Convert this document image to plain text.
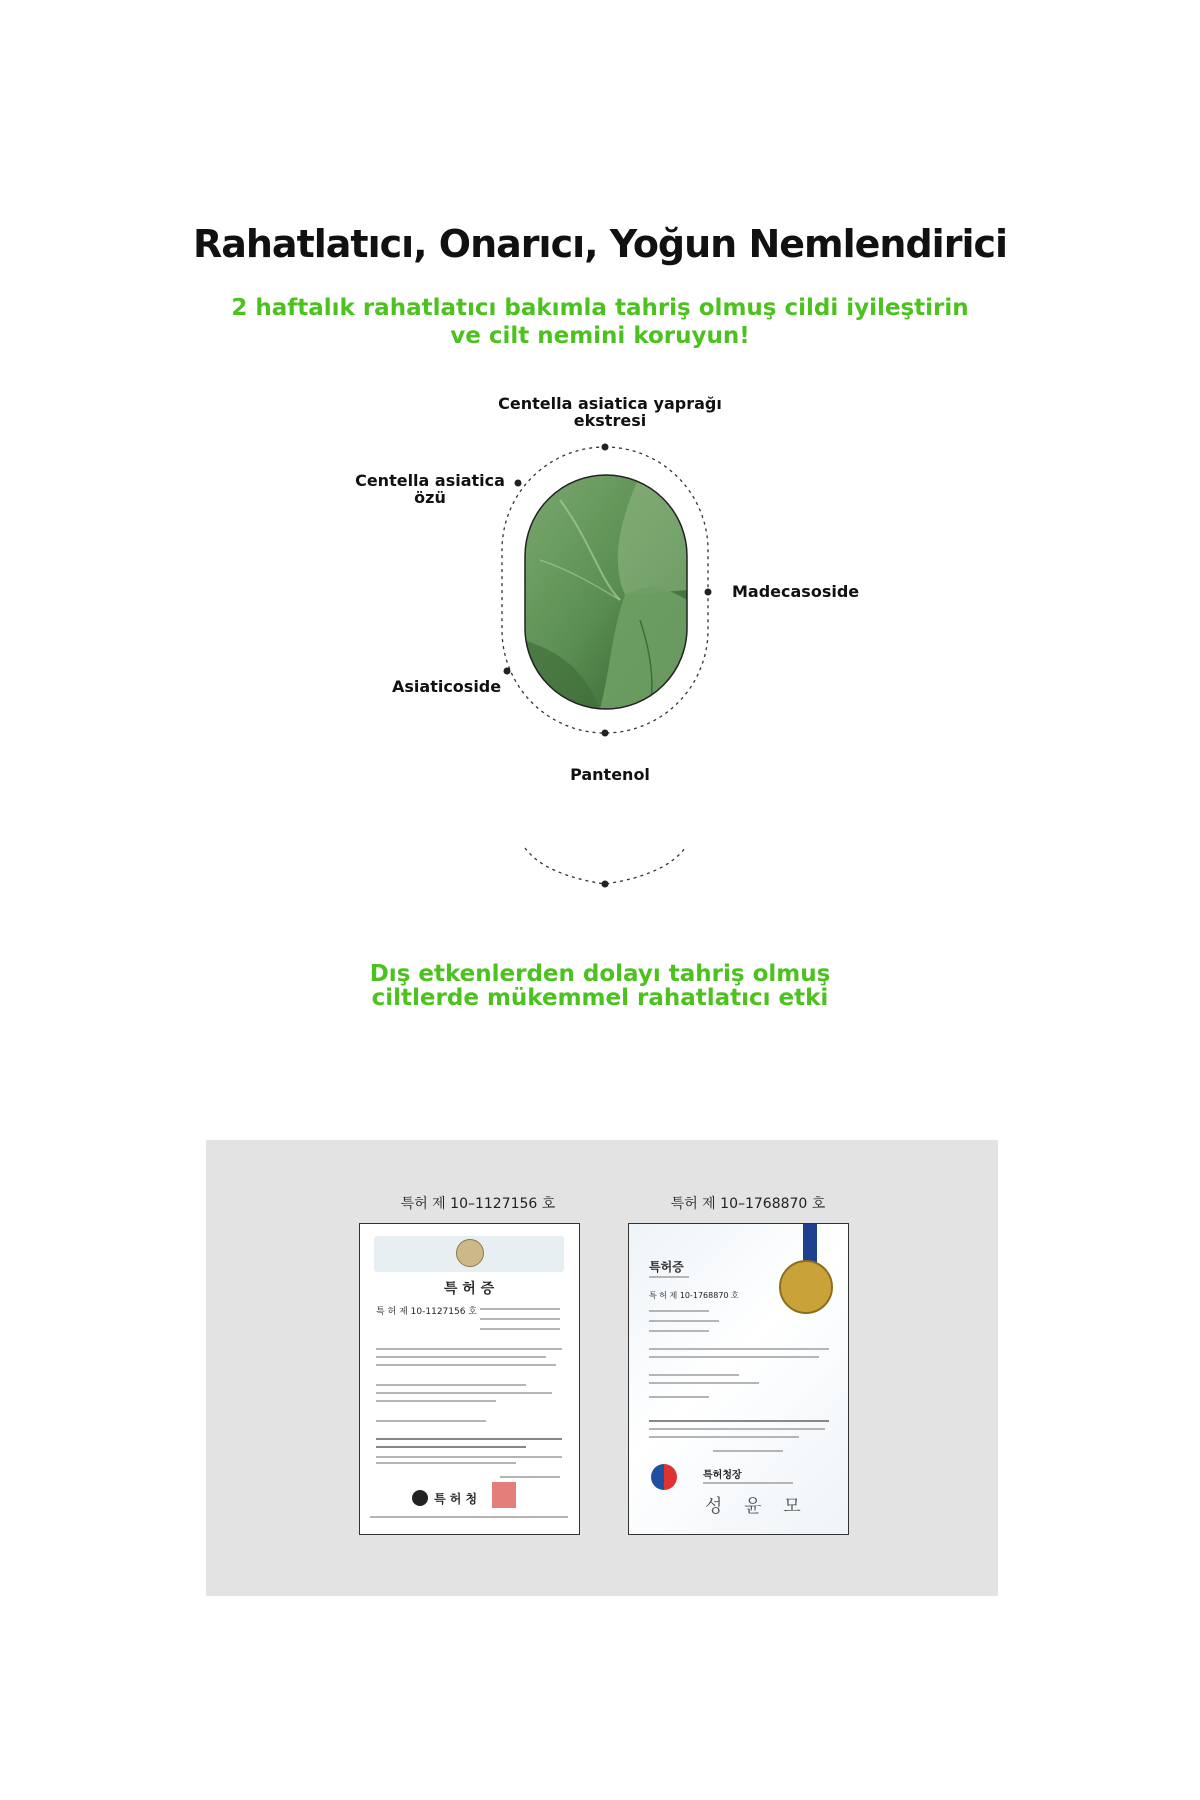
Rahatlatıcı, Onarıcı, Yoğun Nemlendirici
2 haftalık rahatlatıcı bakımla tahriş olmuş cildi iyileştirin
ve cilt nemini koruyun!
Centella asiatica yaprağı
ekstresi
Centella asiatica
özü
Madecasoside
Asiaticoside
Pantenol
Dış etkenlerden dolayı tahriş olmuş
ciltlerde mükemmel rahatlatıcı etki
특허 제 10–1127156 호	특허 제 10–1768870 호
특 허 증
특 허 제 10-1127156 호
특 허 청
특허증
특 허 제 10-1768870 호
특허청장
성 윤 모
